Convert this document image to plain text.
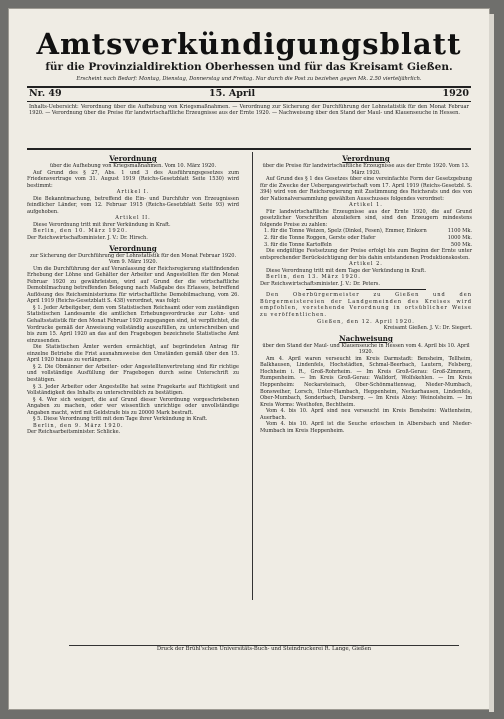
Amtsverkündigungsblatt
für die Provinzialdirektion Oberhessen und für das Kreisamt Gießen.
Erscheint nach Bedarf: Montag, Dienstag, Donnerstag und Freitag. Nur durch die Post zu beziehen gegen Mk. 2.50 vierteljährlich.
Nr. 49	15. April	1920
Inhalts-Uebersicht: Verordnung über die Aufhebung von Kriegsmaßnahmen. — Verordnung zur Sicherung der Durchführung der Lohnstatistik für den Monat Februar 1920. — Verordnung über die Preise für landwirtschaftliche Erzeugnisse aus der Ernte 1920. — Nachweisung über den Stand der Maul- und Klauenseuche in Hessen.

Verordnung

über die Aufhebung von Kriegsmaßnahmen. Vom 10. März 1920.

Auf Grund des § 27, Abs. 1 und 3 des Ausführungsgesetzes zum Friedensvertrage vom 31. August 1919 (Reichs-Gesetzblatt Seite 1530) wird bestimmt:

Artikel I.

Die Bekanntmachung, betreffend die Ein- und Durchfuhr von Erzeugnissen feindlicher Länder, vom 12. Februar 1915 (Reichs-Gesetzblatt Seite 93) wird aufgehoben.

Artikel II.

Diese Verordnung tritt mit ihrer Verkündung in Kraft.

Berlin, den 10. März 1920.

Der Reichswirtschaftsminister. J. V.: Dr. Hirsch.

Verordnung

zur Sicherung der Durchführung der Lohnstatistik für den Monat Februar 1920. Vom 9. März 1920.

Um die Durchführung der auf Veranlassung der Reichsregierung stattfindenden Erhebung der Löhne und Gehälter der Arbeiter und Angestellten für den Monat Februar 1920 zu gewährleisten, wird auf Grund der die wirtschaftliche Demobilmachung betreffenden Belegung nach Maßgabe des Erlasses, betreffend Auflösung des Reichsministeriums für wirtschaftliche Demobilmachung, vom 26. April 1919 (Reichs-Gesetzblatt S. 438) verordnet, was folgt:

§ 1. Jeder Arbeitgeber, dem vom Statistischen Reichsamt oder vom zuständigen Statistischen Landesamte die amtlichen Erhebungsvordrucke zur Lohn- und Gehaltsstatistik für den Monat Februar 1920 zugegangen sind, ist verpflichtet, die Vordrucke gemäß der Anweisung vollständig auszufüllen, zu unterschreiben und bis zum 15. April 1920 an das auf den Fragebogen bezeichnete Statistische Amt einzusenden.

Die Statistischen Ämter werden ermächtigt, auf begründeten Antrag für einzelne Betriebe die Frist ausnahmsweise den Umständen gemäß über den 15. April 1920 hinaus zu verlängern.

§ 2. Die Obmänner der Arbeiter- oder Angestelltenvertretung sind für richtige und vollständige Ausfüllung der Fragebogen durch seine Unterschrift zu bestätigen.

§ 3. Jeder Arbeiter oder Angestellte hat seine Fragekarte auf Richtigkeit und Vollständigkeit des Inhalts zu unterschreiblich zu bestätigen.

§ 4. Wer sich weigert, die auf Grund dieser Verordnung vorgeschriebenen Angaben zu machen, oder wer wissentlich unrichtige oder unvollständige Angaben macht, wird mit Geldstrafe bis zu 20000 Mark bestraft.

§ 5. Diese Verordnung tritt mit dem Tage ihrer Verkündung in Kraft.

Berlin, den 9. März 1920.

Der Reichsarbeitsminister. Schlicke.

Verordnung

über die Preise für landwirtschaftliche Erzeugnisse aus der Ernte 1920. Vom 13. März 1920.

Auf Grund des § 1 des Gesetzes über eine vereinfachte Form der Gesetzgebung für die Zwecke der Uebergangswirtschaft vom 17. April 1919 (Reichs-Gesetzbl. S. 394) wird von der Reichsregierung mit Zustimmung des Reichsrats und des von der Nationalversammlung gewählten Ausschusses folgendes verordnet:

Artikel 1.

Für landwirtschaftliche Erzeugnisse aus der Ernte 1920, die auf Grund gesetzlicher Vorschriften abzuliefern sind, sind den Erzeugern mindestens folgende Preise zu zahlen:

1. für die Tonne Weizen, Spelz (Dinkel, Fesen), Emmer, Einkorn	1100 Mk.

2. für die Tonne Roggen, Gerste oder Hafer	1000 Mk.

3. für die Tonne Kartoffeln	500 Mk.

Die endgültige Festsetzung der Preise erfolgt bis zum Beginn der Ernte unter entsprechender Berücksichtigung der bis dahin entstandenen Produktionskosten.

Artikel 2.

Diese Verordnung tritt mit dem Tage der Verkündung in Kraft.

Berlin, den 13. März 1920.

Der Reichswirtschaftsminister. J. V.: Dr. Peters.

Den Oberbürgermeister zu Gießen und den Bürgermeistereien der Landgemeinden des Kreises wird empfohlen, vorstehende Verordnung in ortsüblicher Weise zu veröffentlichen.

Gießen, den 12. April 1920.

Kreisamt Gießen. J. V.: Dr. Siegert.

Nachweisung

über den Stand der Maul- und Klauenseuche in Hessen vom 4. April bis 10. April 1920.

Am 4. April waren verseucht im Kreis Darmstadt: Bensheim, Tellheim, Balkhausen, Lindenfels, Hochstädten, Schmal-Beerbach, Lautern, Felsberg, Hochheim i. R., Groß-Rohrheim. — Im Kreis Groß-Gerau: Groß-Zimmern, Rumpenheim. — Im Kreis Groß-Gerau: Walldorf, Wolfskehlen. — Im Kreis Heppenheim: Neckarsteinach, Ober-Schönmattenwag, Nieder-Mumbach, Bonsweiher, Lorsch, Unter-Hambach, Heppenheim, Neckarhausen, Lindenfels, Ober-Mumbach, Sonderbach, Darsberg. — Im Kreis Alzey: Weinolsheim. — Im Kreis Worms: Westhofen, Bechtheim.

Vom 4. bis 10. April sind neu verseucht im Kreis Bensheim: Wattenheim, Auerbach.

Vom 4. bis 10. April ist die Seuche erloschen in Albersbach und Nieder-Mumbach im Kreis Heppenheim.

Druck der Brühl'schen Universitäts-Buch- und Steindruckerei R. Lange, Gießen
